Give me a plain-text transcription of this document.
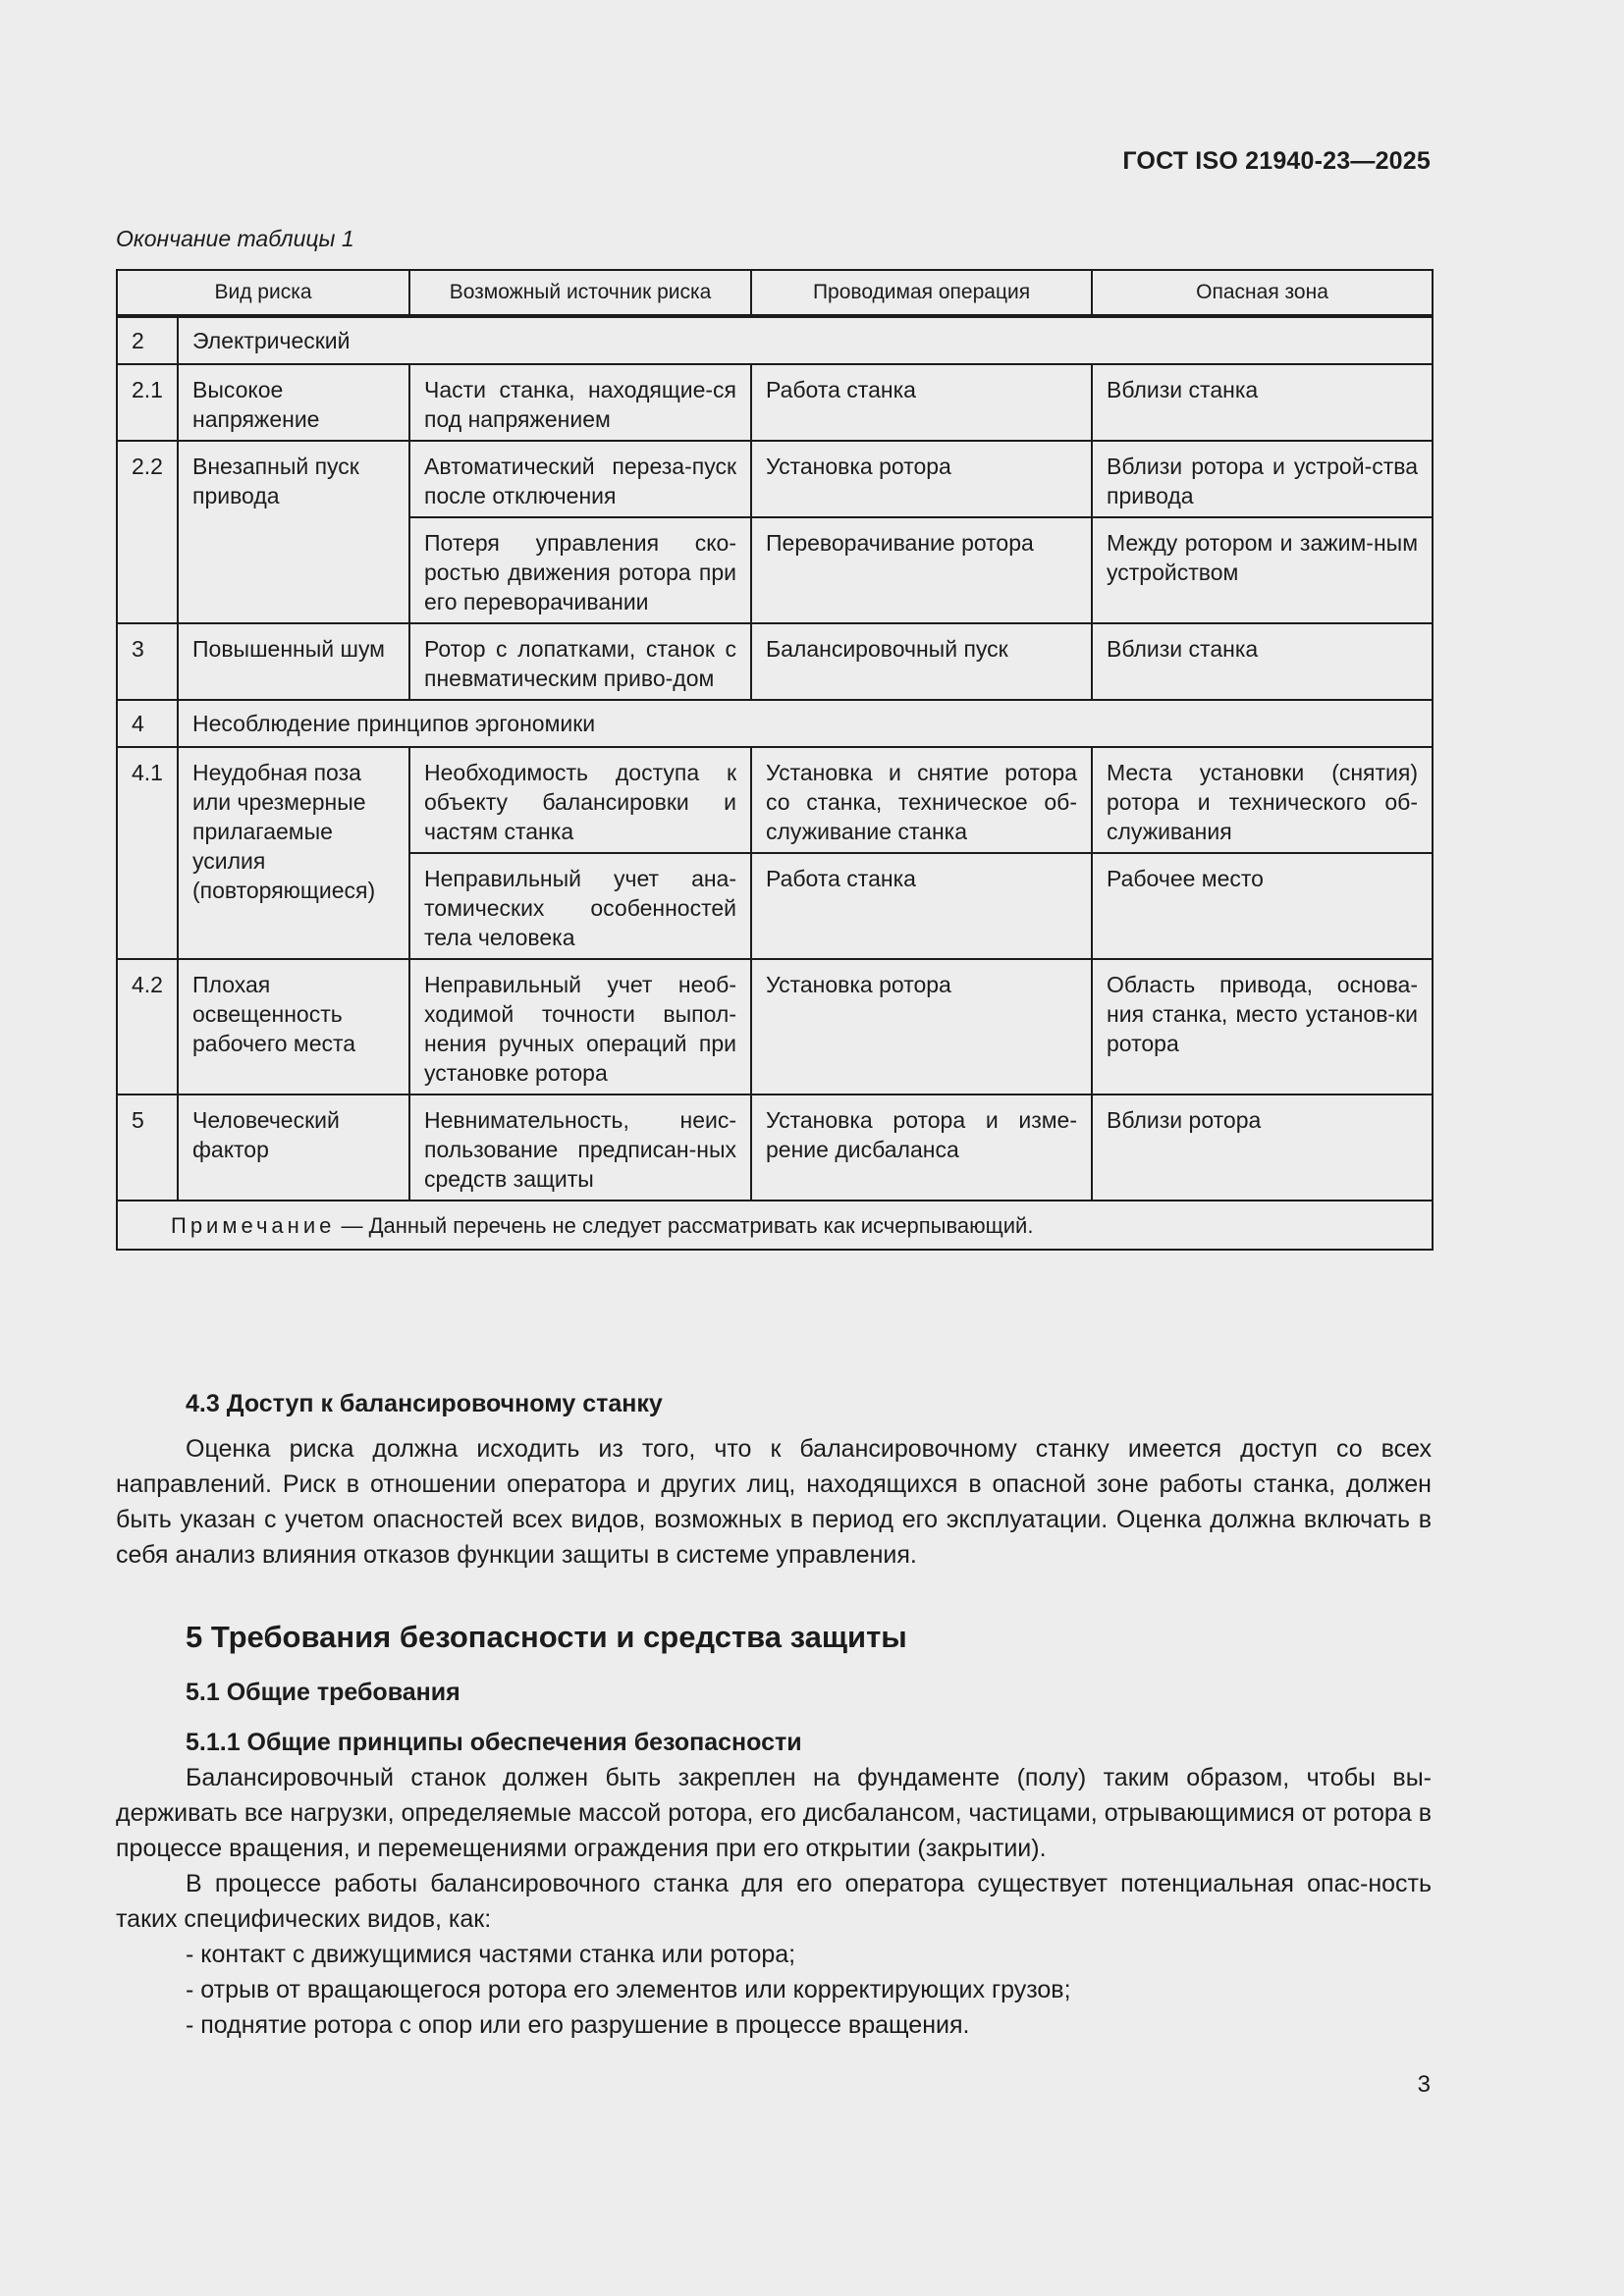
ГОСТ ISO 21940-23—2025
Окончание таблицы 1
Вид риска		Возможный источник риска	Проводимая операция	Опасная зона
2	Электрический			
2.1	Высокое напряжение	Части станка, находящие-ся под напряжением	Работа станка	Вблизи станка
2.2	Внезапный пуск привода	Автоматический переза-пуск после отключения	Установка ротора	Вблизи ротора и устрой-ства привода
		Потеря управления ско-ростью движения ротора при его переворачивании	Переворачивание ротора	Между ротором и зажим-ным устройством
3	Повышенный шум	Ротор с лопатками, станок с пневматическим приво-дом	Балансировочный пуск	Вблизи станка
4	Несоблюдение принципов эргономики			
4.1	Неудобная поза или чрезмерные прилагаемые усилия (повторяющиеся)	Необходимость доступа к объекту балансировки и частям станка	Установка и снятие ротора со станка, техническое об-служивание станка	Места установки (снятия) ротора и технического об-служивания
		Неправильный учет ана-томических особенностей тела человека	Работа станка	Рабочее место
4.2	Плохая освещенность рабочего места	Неправильный учет необ-ходимой точности выпол-нения ручных операций при установке ротора	Установка ротора	Область привода, основа-ния станка, место установ-ки ротора
5	Человеческий фактор	Невнимательность, неис-пользование предписан-ных средств защиты	Установка ротора и изме-рение дисбаланса	Вблизи ротора
Примечание — Данный перечень не следует рассматривать как исчерпывающий.				
4.3 Доступ к балансировочному станку

Оценка риска должна исходить из того, что к балансировочному станку имеется доступ со всех направлений. Риск в отношении оператора и других лиц, находящихся в опасной зоне работы станка, должен быть указан с учетом опасностей всех видов, возможных в период его эксплуатации. Оценка должна включать в себя анализ влияния отказов функции защиты в системе управления.

5 Требования безопасности и средства защиты
5.1 Общие требования
5.1.1 Общие принципы обеспечения безопасности

Балансировочный станок должен быть закреплен на фундаменте (полу) таким образом, чтобы вы-держивать все нагрузки, определяемые массой ротора, его дисбалансом, частицами, отрывающимися от ротора в процессе вращения, и перемещениями ограждения при его открытии (закрытии).

В процессе работы балансировочного станка для его оператора существует потенциальная опас-ность таких специфических видов, как:

- контакт с движущимися частями станка или ротора;
- отрыв от вращающегося ротора его элементов или корректирующих грузов;
- поднятие ротора с опор или его разрушение в процессе вращения.
3
